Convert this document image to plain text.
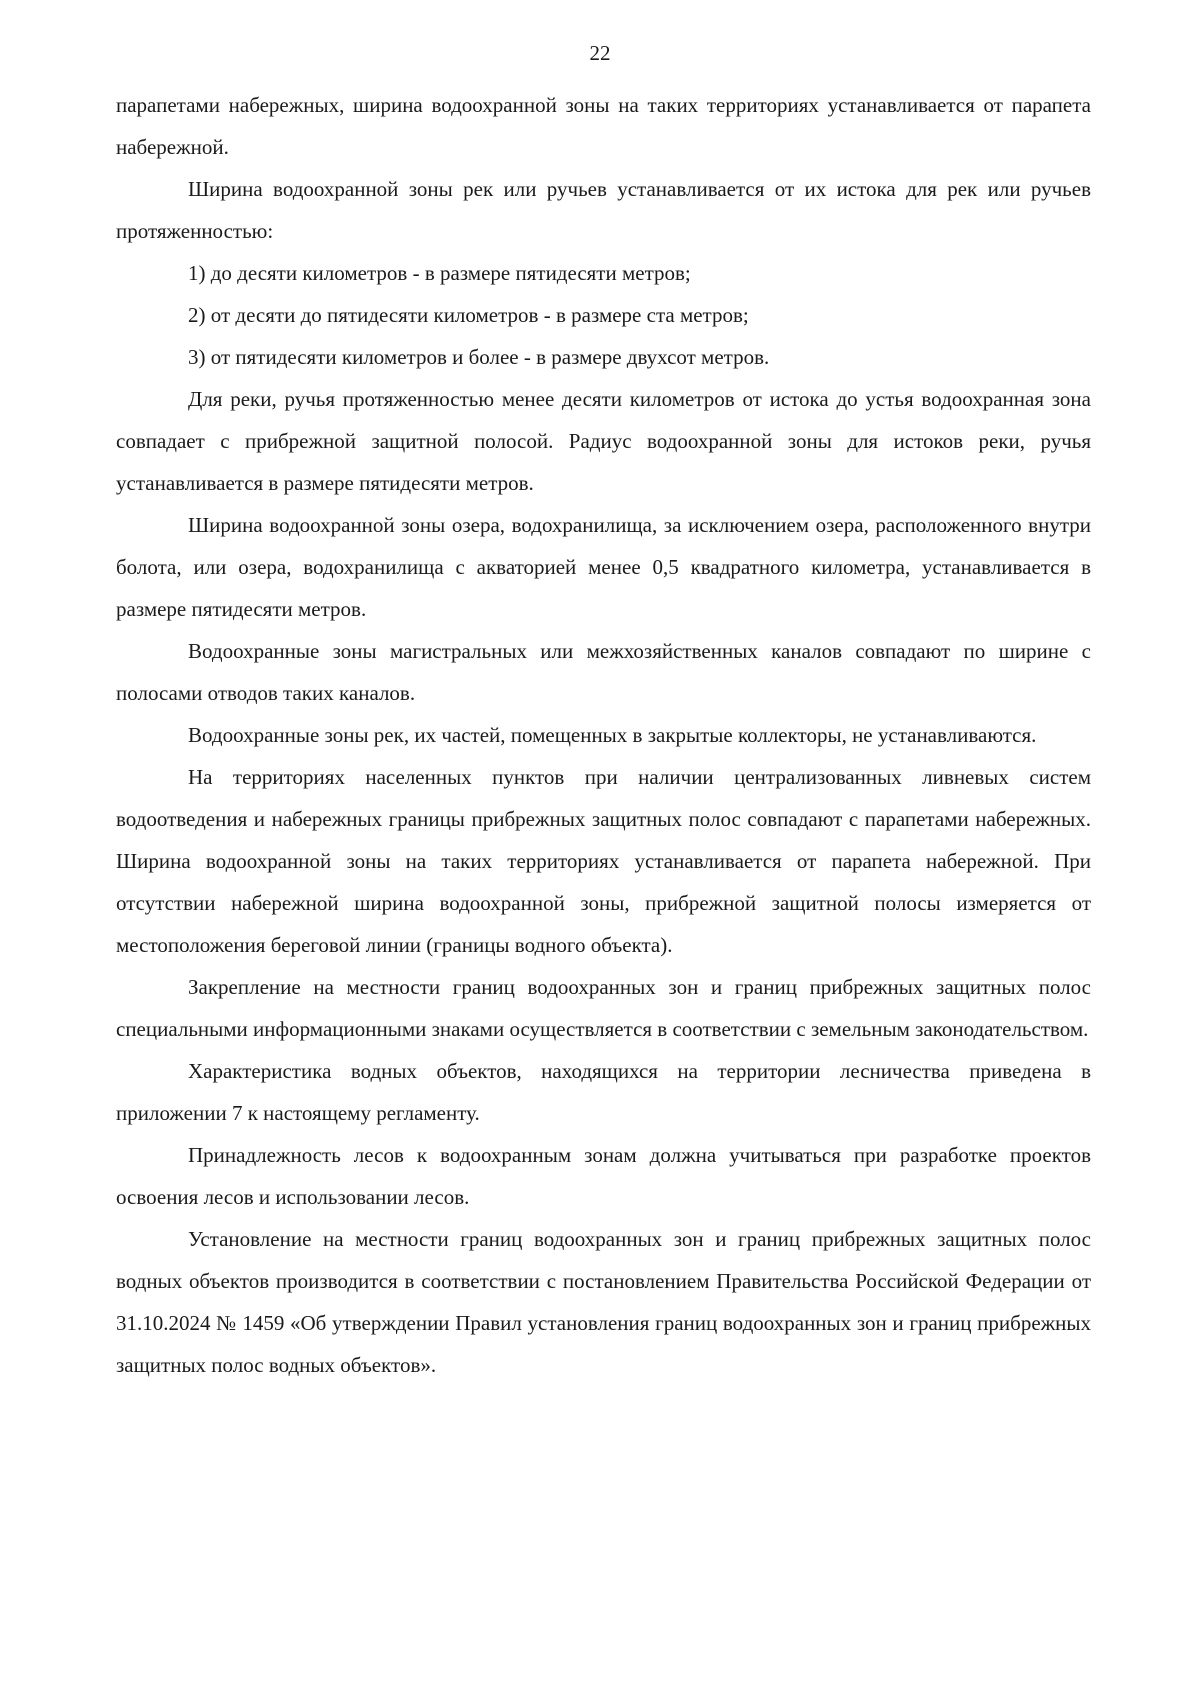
22

парапетами набережных, ширина водоохранной зоны на таких территориях устанавливается от парапета набережной.

Ширина водоохранной зоны рек или ручьев устанавливается от их истока для рек или ручьев протяженностью:

1) до десяти километров - в размере пятидесяти метров;

2) от десяти до пятидесяти километров - в размере ста метров;

3) от пятидесяти километров и более - в размере двухсот метров.

Для реки, ручья протяженностью менее десяти километров от истока до устья водоохранная зона совпадает с прибрежной защитной полосой. Радиус водоохранной зоны для истоков реки, ручья устанавливается в размере пятидесяти метров.

Ширина водоохранной зоны озера, водохранилища, за исключением озера, расположенного внутри болота, или озера, водохранилища с акваторией менее 0,5 квадратного километра, устанавливается в размере пятидесяти метров.

Водоохранные зоны магистральных или межхозяйственных каналов совпадают по ширине с полосами отводов таких каналов.

Водоохранные зоны рек, их частей, помещенных в закрытые коллекторы, не устанавливаются.

На территориях населенных пунктов при наличии централизованных ливневых систем водоотведения и набережных границы прибрежных защитных полос совпадают с парапетами набережных. Ширина водоохранной зоны на таких территориях устанавливается от парапета набережной. При отсутствии набережной ширина водоохранной зоны, прибрежной защитной полосы измеряется от местоположения береговой линии (границы водного объекта).

Закрепление на местности границ водоохранных зон и границ прибрежных защитных полос специальными информационными знаками осуществляется в соответствии с земельным законодательством.

Характеристика водных объектов, находящихся на территории лесничества приведена в приложении 7 к настоящему регламенту.

Принадлежность лесов к водоохранным зонам должна учитываться при разработке проектов освоения лесов и использовании лесов.

Установление на местности границ водоохранных зон и границ прибрежных защитных полос водных объектов производится в соответствии с постановлением Правительства Российской Федерации от 31.10.2024 № 1459 «Об утверждении Правил установления границ водоохранных зон и границ прибрежных защитных полос водных объектов».
